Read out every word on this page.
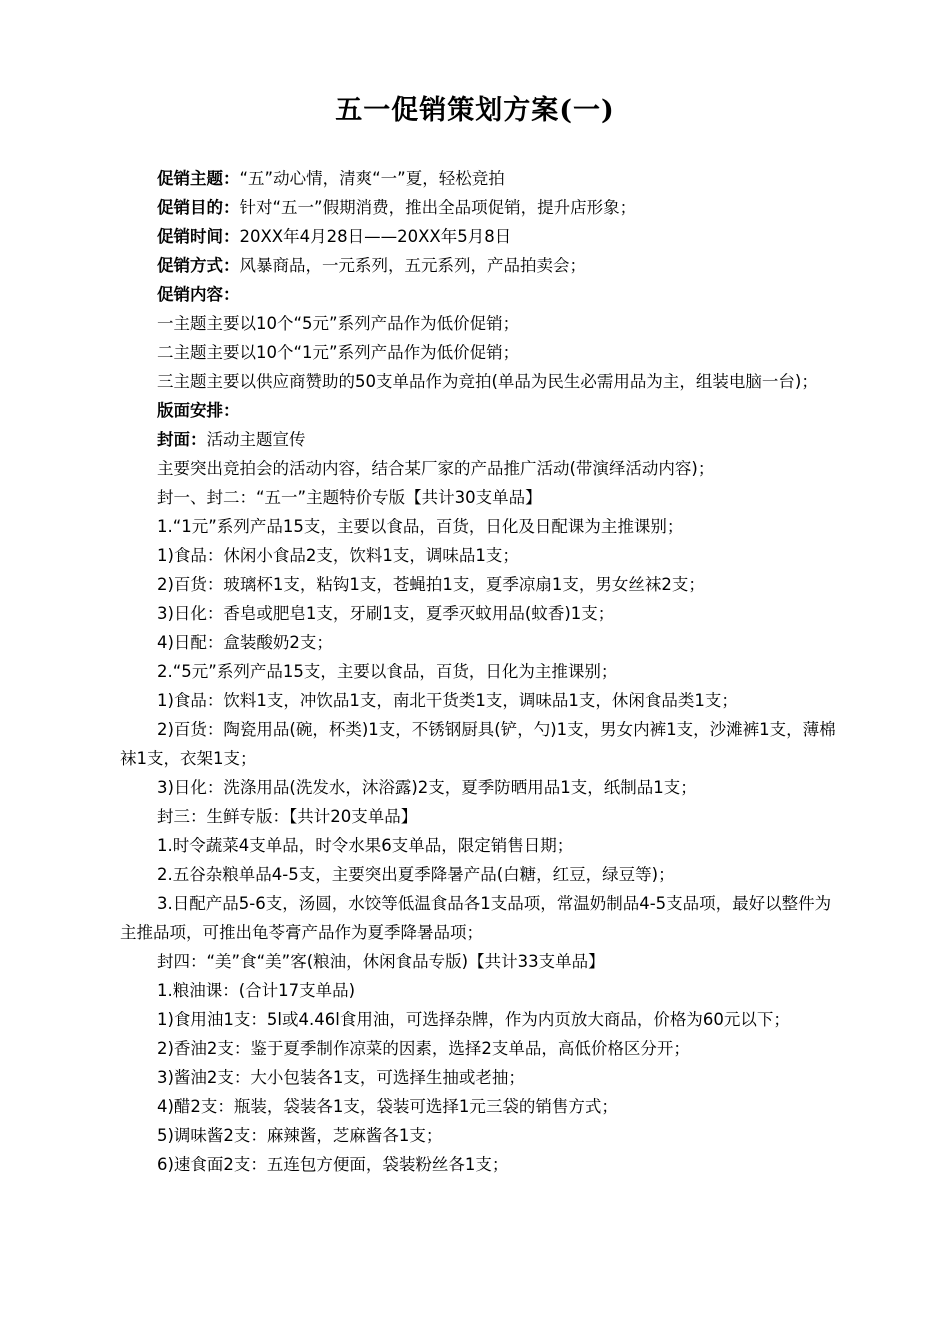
五一促销策划方案(一)

促销主题：“五”动心情，清爽“一”夏，轻松竞拍

促销目的：针对“五一”假期消费，推出全品项促销，提升店形象；

促销时间：20XX年4月28日——20XX年5月8日

促销方式：风暴商品，一元系列，五元系列，产品拍卖会；

促销内容：

一主题主要以10个“5元”系列产品作为低价促销；

二主题主要以10个“1元”系列产品作为低价促销；

三主题主要以供应商赞助的50支单品作为竞拍(单品为民生必需用品为主，组装电脑一台)；

版面安排：

封面：活动主题宣传

主要突出竞拍会的活动内容，结合某厂家的产品推广活动(带演绎活动内容)；

封一、封二：“五一”主题特价专版【共计30支单品】

1.“1元”系列产品15支，主要以食品，百货，日化及日配课为主推课别；

1)食品：休闲小食品2支，饮料1支，调味品1支；

2)百货：玻璃杯1支，粘钩1支，苍蝇拍1支，夏季凉扇1支，男女丝袜2支；

3)日化：香皂或肥皂1支，牙刷1支，夏季灭蚊用品(蚊香)1支；

4)日配：盒装酸奶2支；

2.“5元”系列产品15支，主要以食品，百货，日化为主推课别；

1)食品：饮料1支，冲饮品1支，南北干货类1支，调味品1支，休闲食品类1支；

2)百货：陶瓷用品(碗，杯类)1支，不锈钢厨具(铲，勺)1支，男女内裤1支，沙滩裤1支，薄棉袜1支，衣架1支；

3)日化：洗涤用品(洗发水，沐浴露)2支，夏季防晒用品1支，纸制品1支；

封三：生鲜专版：【共计20支单品】

1.时令蔬菜4支单品，时令水果6支单品，限定销售日期；

2.五谷杂粮单品4-5支，主要突出夏季降暑产品(白糖，红豆，绿豆等)；

3.日配产品5-6支，汤圆，水饺等低温食品各1支品项，常温奶制品4-5支品项，最好以整件为主推品项，可推出龟苓膏产品作为夏季降暑品项；

封四：“美”食“美”客(粮油，休闲食品专版)【共计33支单品】

1.粮油课：(合计17支单品)

1)食用油1支：5l或4.46l食用油，可选择杂牌，作为内页放大商品，价格为60元以下；

2)香油2支：鉴于夏季制作凉菜的因素，选择2支单品，高低价格区分开；

3)酱油2支：大小包装各1支，可选择生抽或老抽；

4)醋2支：瓶装，袋装各1支，袋装可选择1元三袋的销售方式；

5)调味酱2支：麻辣酱，芝麻酱各1支；

6)速食面2支：五连包方便面，袋装粉丝各1支；
